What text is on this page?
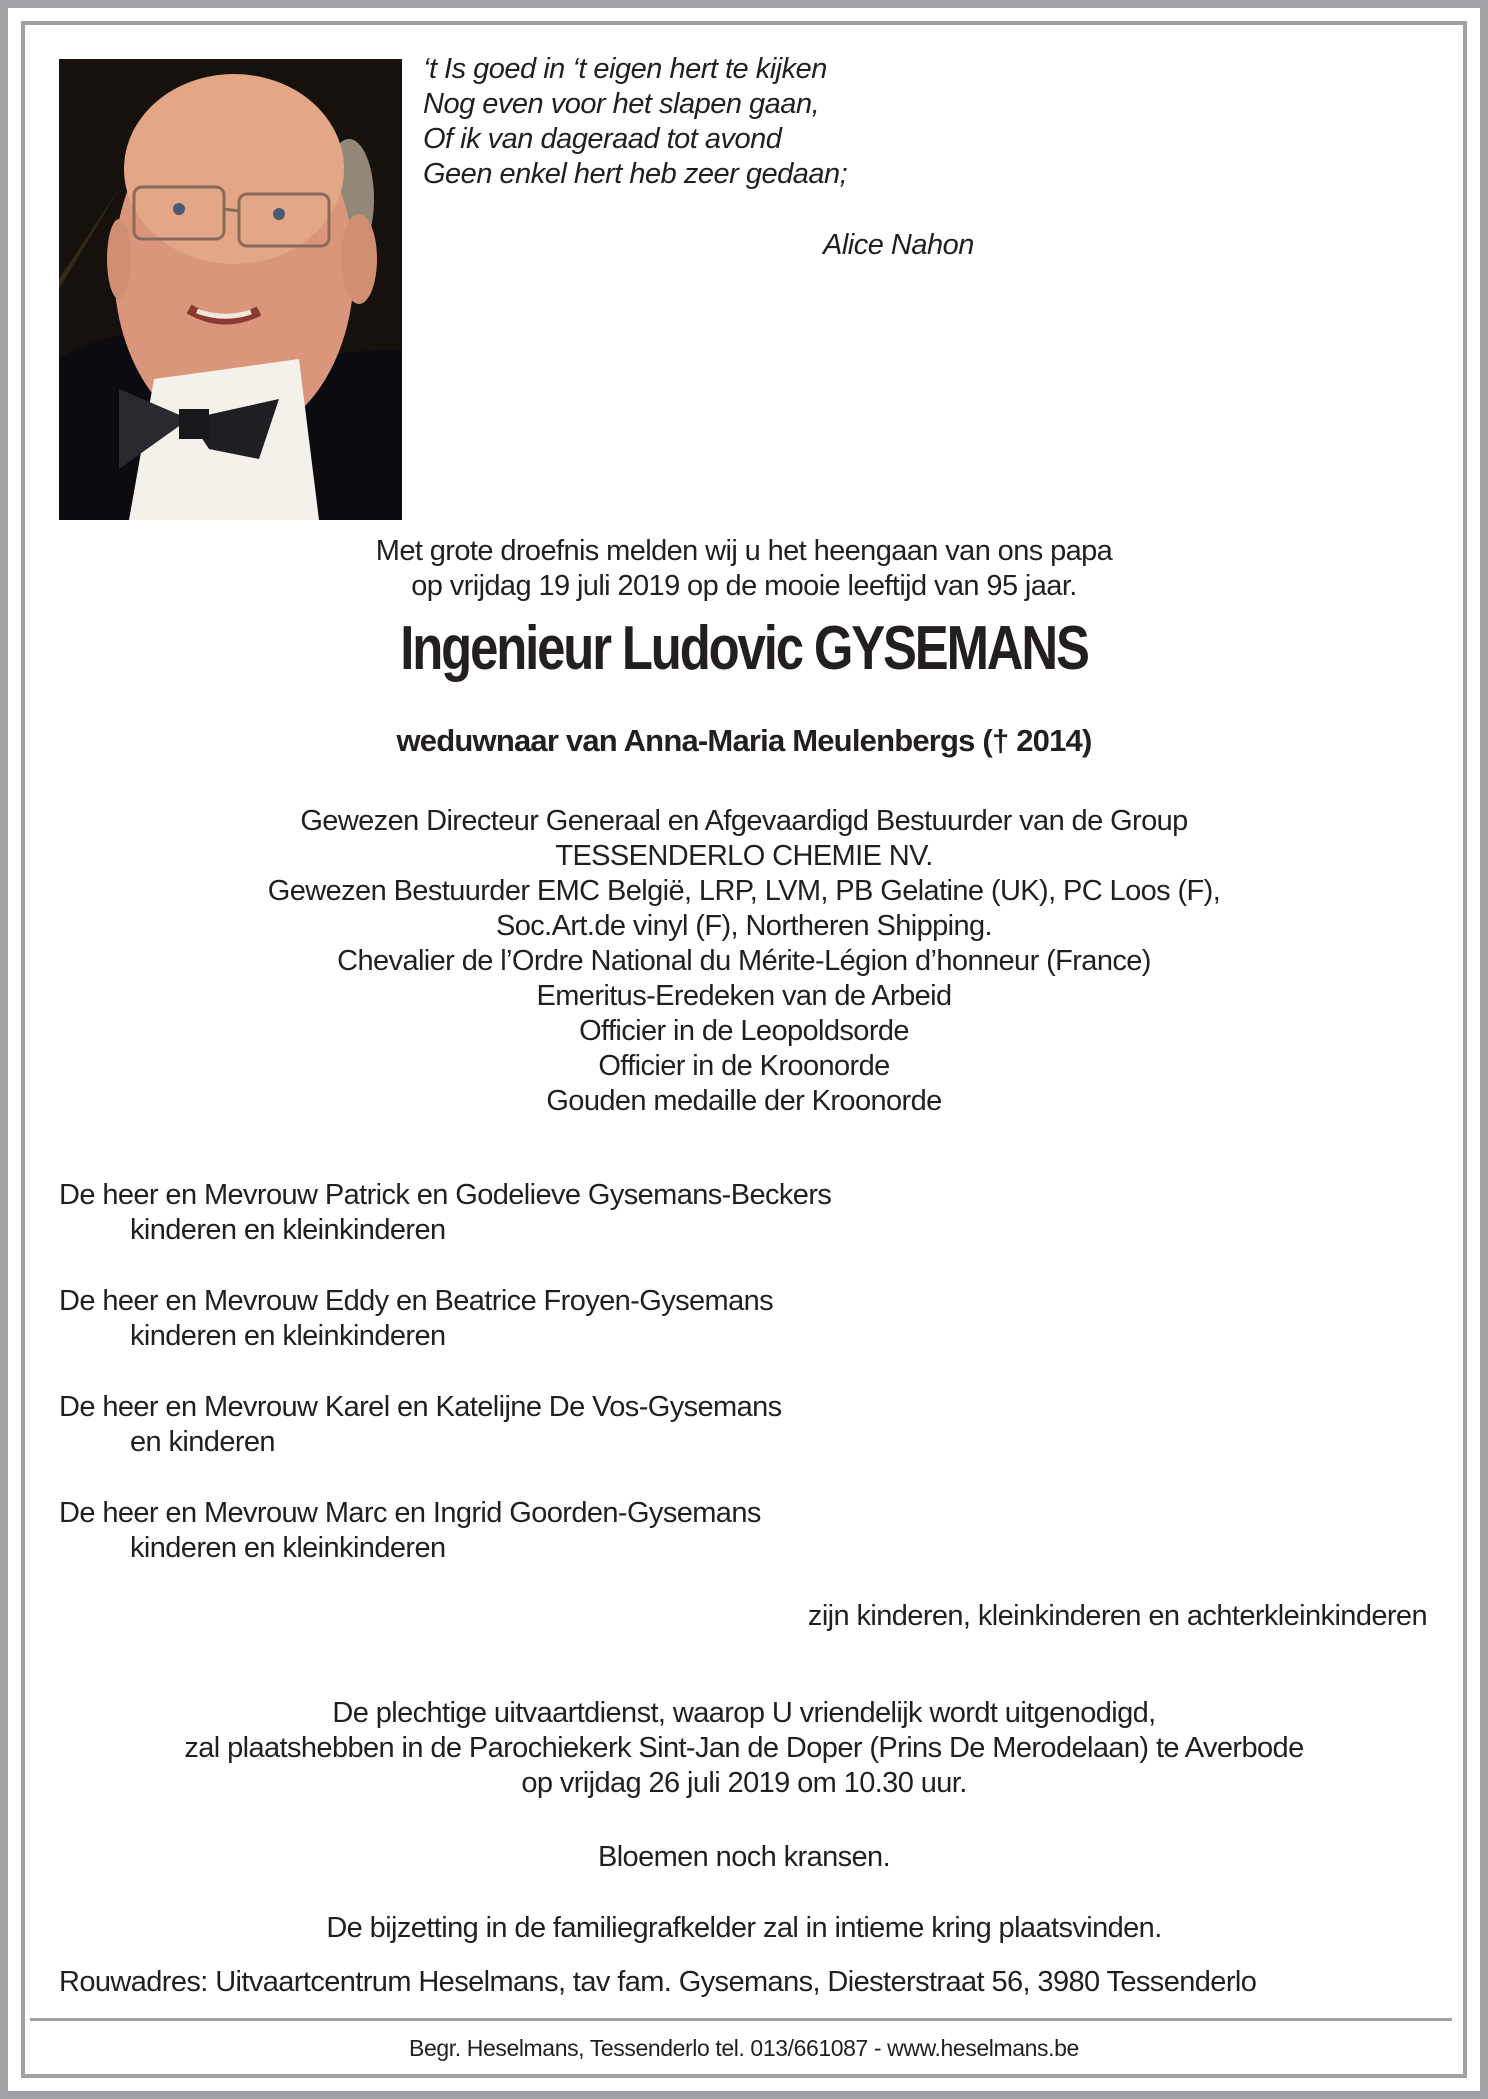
‘t Is goed in ‘t eigen hert te kijken
Nog even voor het slapen gaan,
Of ik van dageraad tot avond
Geen enkel hert heb zeer gedaan;
Alice Nahon
Met grote droefnis melden wij u het heengaan van ons papa
op vrijdag 19 juli 2019 op de mooie leeftijd van 95 jaar.
Ingenieur Ludovic GYSEMANS
weduwnaar van Anna-Maria Meulenbergs († 2014)
Gewezen Directeur Generaal en Afgevaardigd Bestuurder van de Group
TESSENDERLO CHEMIE NV.
Gewezen Bestuurder EMC België, LRP, LVM, PB Gelatine (UK), PC Loos (F),
Soc.Art.de vinyl (F), Northeren Shipping.
Chevalier de l’Ordre National du Mérite-Légion d’honneur (France)
Emeritus-Eredeken van de Arbeid
Officier in de Leopoldsorde
Officier in de Kroonorde
Gouden medaille der Kroonorde
De heer en Mevrouw Patrick en Godelieve Gysemans-Beckers
kinderen en kleinkinderen
De heer en Mevrouw Eddy en Beatrice Froyen-Gysemans
kinderen en kleinkinderen
De heer en Mevrouw Karel en Katelijne De Vos-Gysemans
en kinderen
De heer en Mevrouw Marc en Ingrid Goorden-Gysemans
kinderen en kleinkinderen
zijn kinderen, kleinkinderen en achterkleinkinderen
De plechtige uitvaartdienst, waarop U vriendelijk wordt uitgenodigd,
zal plaatshebben in de Parochiekerk Sint-Jan de Doper (Prins De Merodelaan) te Averbode
op vrijdag 26 juli 2019 om 10.30 uur.
Bloemen noch kransen.
De bijzetting in de familiegrafkelder zal in intieme kring plaatsvinden.
Rouwadres: Uitvaartcentrum Heselmans, tav fam. Gysemans, Diesterstraat 56, 3980 Tessenderlo
Begr. Heselmans, Tessenderlo tel. 013/661087 - www.heselmans.be
